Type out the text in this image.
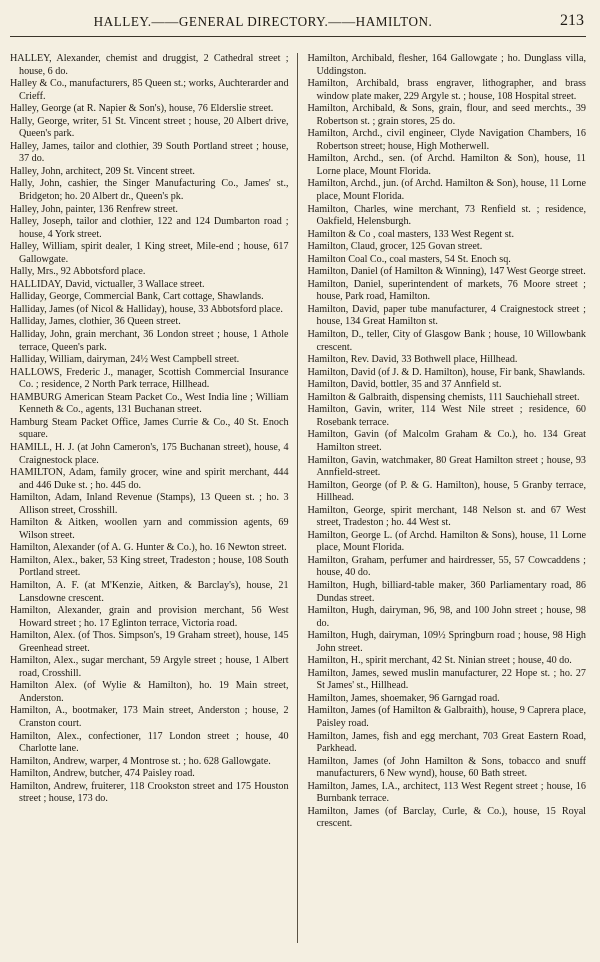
HALLEY.——GENERAL DIRECTORY.——HAMILTON.	213

HALLEY, Alexander, chemist and druggist, 2 Cathedral street ; house, 6 do.

Halley & Co., manufacturers, 85 Queen st.; works, Auchterarder and Crieff.

Halley, George (at R. Napier & Son's), house, 76 Elderslie street.

Hally, George, writer, 51 St. Vincent street ; house, 20 Albert drive, Queen's park.

Halley, James, tailor and clothier, 39 South Portland street ; house, 37 do.

Halley, John, architect, 209 St. Vincent street.

Hally, John, cashier, the Singer Manufacturing Co., James' st., Bridgeton; ho. 20 Albert dr., Queen's pk.

Halley, John, painter, 136 Renfrew street.

Halley, Joseph, tailor and clothier, 122 and 124 Dumbarton road ; house, 4 York street.

Halley, William, spirit dealer, 1 King street, Mile-end ; house, 617 Gallowgate.

Hally, Mrs., 92 Abbotsford place.

HALLIDAY, David, victualler, 3 Wallace street.

Halliday, George, Commercial Bank, Cart cottage, Shawlands.

Halliday, James (of Nicol & Halliday), house, 33 Abbotsford place.

Halliday, James, clothier, 36 Queen street.

Halliday, John, grain merchant, 36 London street ; house, 1 Athole terrace, Queen's park.

Halliday, William, dairyman, 24½ West Campbell street.

HALLOWS, Frederic J., manager, Scottish Commercial Insurance Co. ; residence, 2 North Park terrace, Hillhead.

HAMBURG American Steam Packet Co., West India line ; William Kenneth & Co., agents, 131 Buchanan street.

Hamburg Steam Packet Office, James Currie & Co., 40 St. Enoch square.

HAMILL, H. J. (at John Cameron's, 175 Buchanan street), house, 4 Craignestock place.

HAMILTON, Adam, family grocer, wine and spirit merchant, 444 and 446 Duke st. ; ho. 445 do.

Hamilton, Adam, Inland Revenue (Stamps), 13 Queen st. ; ho. 3 Allison street, Crosshill.

Hamilton & Aitken, woollen yarn and commission agents, 69 Wilson street.

Hamilton, Alexander (of A. G. Hunter & Co.), ho. 16 Newton street.

Hamilton, Alex., baker, 53 King street, Tradeston ; house, 108 South Portland street.

Hamilton, A. F. (at M'Kenzie, Aitken, & Barclay's), house, 21 Lansdowne crescent.

Hamilton, Alexander, grain and provision merchant, 56 West Howard street ; ho. 17 Eglinton terrace, Victoria road.

Hamilton, Alex. (of Thos. Simpson's, 19 Graham street), house, 145 Greenhead street.

Hamilton, Alex., sugar merchant, 59 Argyle street ; house, 1 Albert road, Crosshill.

Hamilton Alex. (of Wylie & Hamilton), ho. 19 Main street, Anderston.

Hamilton, A., bootmaker, 173 Main street, Anderston ; house, 2 Cranston court.

Hamilton, Alex., confectioner, 117 London street ; house, 40 Charlotte lane.

Hamilton, Andrew, warper, 4 Montrose st. ; ho. 628 Gallowgate.

Hamilton, Andrew, butcher, 474 Paisley road.

Hamilton, Andrew, fruiterer, 118 Crookston street and 175 Houston street ; house, 173 do.

Hamilton, Archibald, flesher, 164 Gallowgate ; ho. Dunglass villa, Uddingston.

Hamilton, Archibald, brass engraver, lithographer, and brass window plate maker, 229 Argyle st. ; house, 108 Hospital street.

Hamilton, Archibald, & Sons, grain, flour, and seed merchts., 39 Robertson st. ; grain stores, 25 do.

Hamilton, Archd., civil engineer, Clyde Navigation Chambers, 16 Robertson street; house, High Motherwell.

Hamilton, Archd., sen. (of Archd. Hamilton & Son), house, 11 Lorne place, Mount Florida.

Hamilton, Archd., jun. (of Archd. Hamilton & Son), house, 11 Lorne place, Mount Florida.

Hamilton, Charles, wine merchant, 73 Renfield st. ; residence, Oakfield, Helensburgh.

Hamilton & Co , coal masters, 133 West Regent st.

Hamilton, Claud, grocer, 125 Govan street.

Hamilton Coal Co., coal masters, 54 St. Enoch sq.

Hamilton, Daniel (of Hamilton & Winning), 147 West George street.

Hamilton, Daniel, superintendent of markets, 76 Moore street ; house, Park road, Hamilton.

Hamilton, David, paper tube manufacturer, 4 Craignestock street ; house, 134 Great Hamilton st.

Hamilton, D., teller, City of Glasgow Bank ; house, 10 Willowbank crescent.

Hamilton, Rev. David, 33 Bothwell place, Hillhead.

Hamilton, David (of J. & D. Hamilton), house, Fir bank, Shawlands.

Hamilton, David, bottler, 35 and 37 Annfield st.

Hamilton & Galbraith, dispensing chemists, 111 Sauchiehall street.

Hamilton, Gavin, writer, 114 West Nile street ; residence, 60 Rosebank terrace.

Hamilton, Gavin (of Malcolm Graham & Co.), ho. 134 Great Hamilton street.

Hamilton, Gavin, watchmaker, 80 Great Hamilton street ; house, 93 Annfield-street.

Hamilton, George (of P. & G. Hamilton), house, 5 Granby terrace, Hillhead.

Hamilton, George, spirit merchant, 148 Nelson st. and 67 West street, Tradeston ; ho. 44 West st.

Hamilton, George L. (of Archd. Hamilton & Sons), house, 11 Lorne place, Mount Florida.

Hamilton, Graham, perfumer and hairdresser, 55, 57 Cowcaddens ; house, 40 do.

Hamilton, Hugh, billiard-table maker, 360 Parliamentary road, 86 Dundas street.

Hamilton, Hugh, dairyman, 96, 98, and 100 John street ; house, 98 do.

Hamilton, Hugh, dairyman, 109½ Springburn road ; house, 98 High John street.

Hamilton, H., spirit merchant, 42 St. Ninian street ; house, 40 do.

Hamilton, James, sewed muslin manufacturer, 22 Hope st. ; ho. 27 St James' st., Hillhead.

Hamilton, James, shoemaker, 96 Garngad road.

Hamilton, James (of Hamilton & Galbraith), house, 9 Caprera place, Paisley road.

Hamilton, James, fish and egg merchant, 703 Great Eastern Road, Parkhead.

Hamilton, James (of John Hamilton & Sons, tobacco and snuff manufacturers, 6 New wynd), house, 60 Bath street.

Hamilton, James, I.A., architect, 113 West Regent street ; house, 16 Burnbank terrace.

Hamilton, James (of Barclay, Curle, & Co.), house, 15 Royal crescent.
